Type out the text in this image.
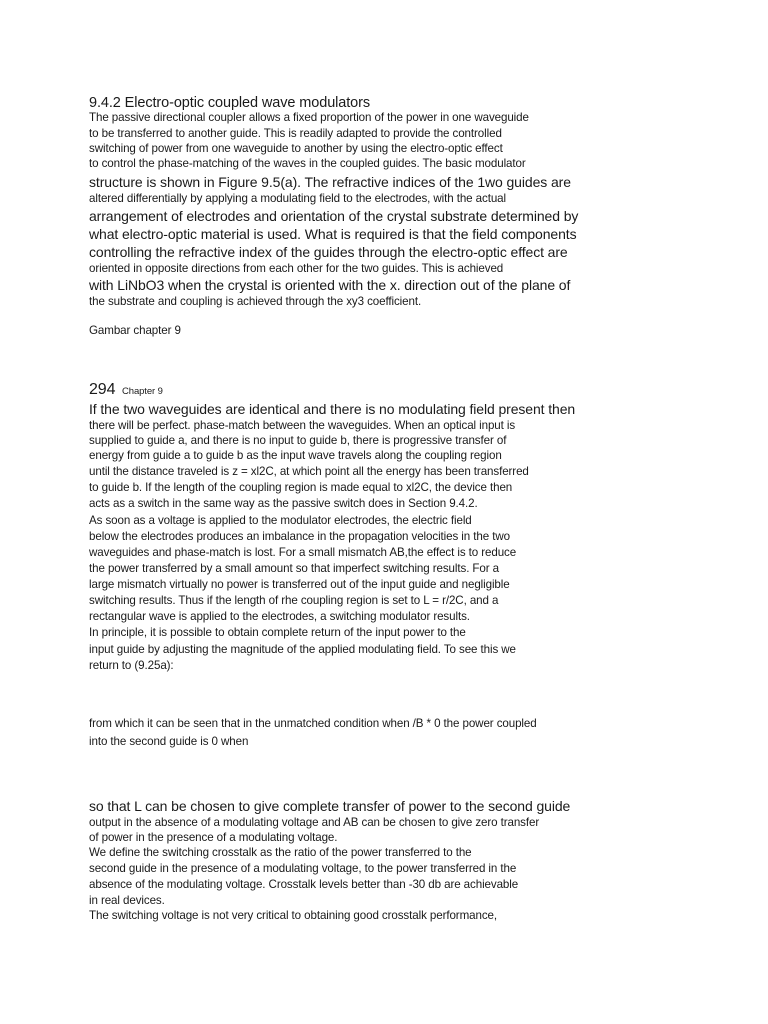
9.4.2 Electro-optic coupled wave modulators
The passive directional coupler allows a fixed proportion of the power in one waveguide
to be transferred to another guide. This is readily adapted to provide the controlled
switching of power from one waveguide to another by using the electro-optic effect
to control the phase-matching of the waves in the coupled guides. The basic modulator
structure is shown in Figure 9.5(a). The refractive indices of the 1wo guides are
altered differentially by applying a modulating field to the electrodes, with the actual
arrangement of electrodes and orientation of the crystal substrate determined by
what electro-optic material is used. What is required is that the field components
controlling the refractive index of the guides through the electro-optic effect are
oriented in opposite directions from each other for the two guides. This is achieved
with LiNbO3 when the crystal is oriented with the x. direction out of the plane of
the substrate and coupling is achieved through the xy3 coefficient.
Gambar chapter 9
294 Chapter 9
If the two waveguides are identical and there is no modulating field present then
there will be perfect. phase-match between the waveguides. When an optical input is
supplied to guide a, and there is no input to guide b, there is progressive transfer of
energy from guide a to guide b as the input wave travels along the coupling region
until the distance traveled is z = xl2C, at which point all the energy has been transferred
to guide b. If the length of the coupling region is made equal to xl2C, the device then
acts as a switch in the same way as the passive switch does in Section 9.4.2.
As soon as a voltage is applied to the modulator electrodes, the electric field
below the electrodes produces an imbalance in the propagation velocities in the two
waveguides and phase-match is lost. For a small mismatch AB,the effect is to reduce
the power transferred by a small amount so that imperfect switching results. For a
large mismatch virtually no power is transferred out of the input guide and negligible
switching results. Thus if the length of rhe coupling region is set to L = r/2C, and a
rectangular wave is applied to the electrodes, a switching modulator results.
In principle, it is possible to obtain complete return of the input power to the
input guide by adjusting the magnitude of the applied modulating field. To see this we
return to (9.25a):
from which it can be seen that in the unmatched condition when /B * 0 the power coupled
into the second guide is 0 when
so that L can be chosen to give complete transfer of power to the second guide
output in the absence of a modulating voltage and AB can be chosen to give zero transfer
of power in the presence of a modulating voltage.
We define the switching crosstalk as the ratio of the power transferred to the
second guide in the presence of a modulating voltage, to the power transferred in the
absence of the modulating voltage. Crosstalk levels better than -30 db are achievable
in real devices.
The switching voltage is not very critical to obtaining good crosstalk performance,
